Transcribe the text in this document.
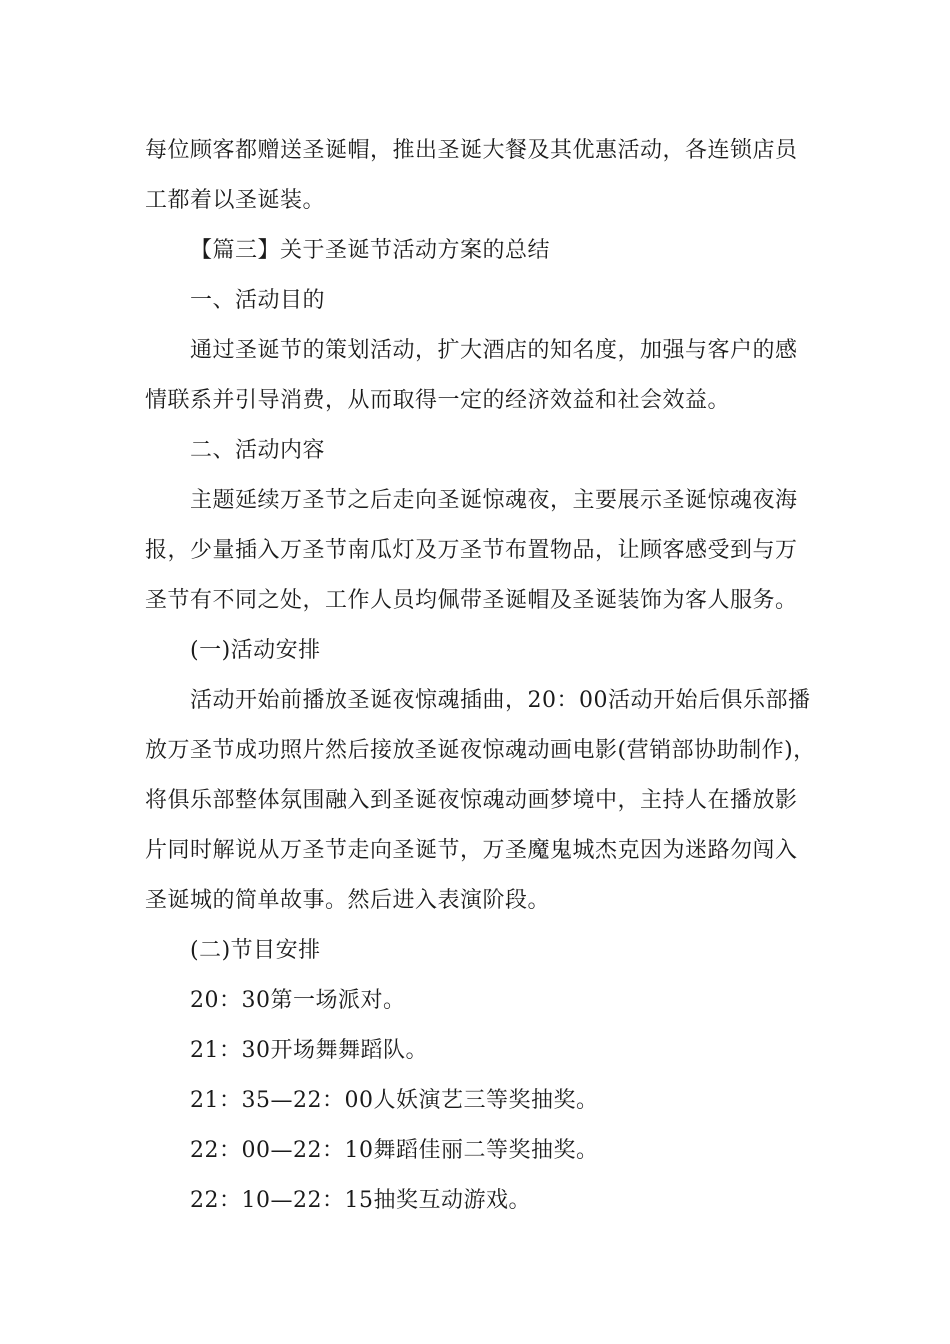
每位顾客都赠送圣诞帽，推出圣诞大餐及其优惠活动，各连锁店员
工都着以圣诞装。
【篇三】关于圣诞节活动方案的总结
一、活动目的
通过圣诞节的策划活动，扩大酒店的知名度，加强与客户的感
情联系并引导消费，从而取得一定的经济效益和社会效益。
二、活动内容
主题延续万圣节之后走向圣诞惊魂夜，主要展示圣诞惊魂夜海
报，少量插入万圣节南瓜灯及万圣节布置物品，让顾客感受到与万
圣节有不同之处，工作人员均佩带圣诞帽及圣诞装饰为客人服务。
(一)活动安排
活动开始前播放圣诞夜惊魂插曲，20：00活动开始后俱乐部播
放万圣节成功照片然后接放圣诞夜惊魂动画电影(营销部协助制作)，
将俱乐部整体氛围融入到圣诞夜惊魂动画梦境中，主持人在播放影
片同时解说从万圣节走向圣诞节，万圣魔鬼城杰克因为迷路勿闯入
圣诞城的简单故事。然后进入表演阶段。
(二)节目安排
20：30第一场派对。
21：30开场舞舞蹈队。
21：35—22：00人妖演艺三等奖抽奖。
22：00—22：10舞蹈佳丽二等奖抽奖。
22：10—22：15抽奖互动游戏。
